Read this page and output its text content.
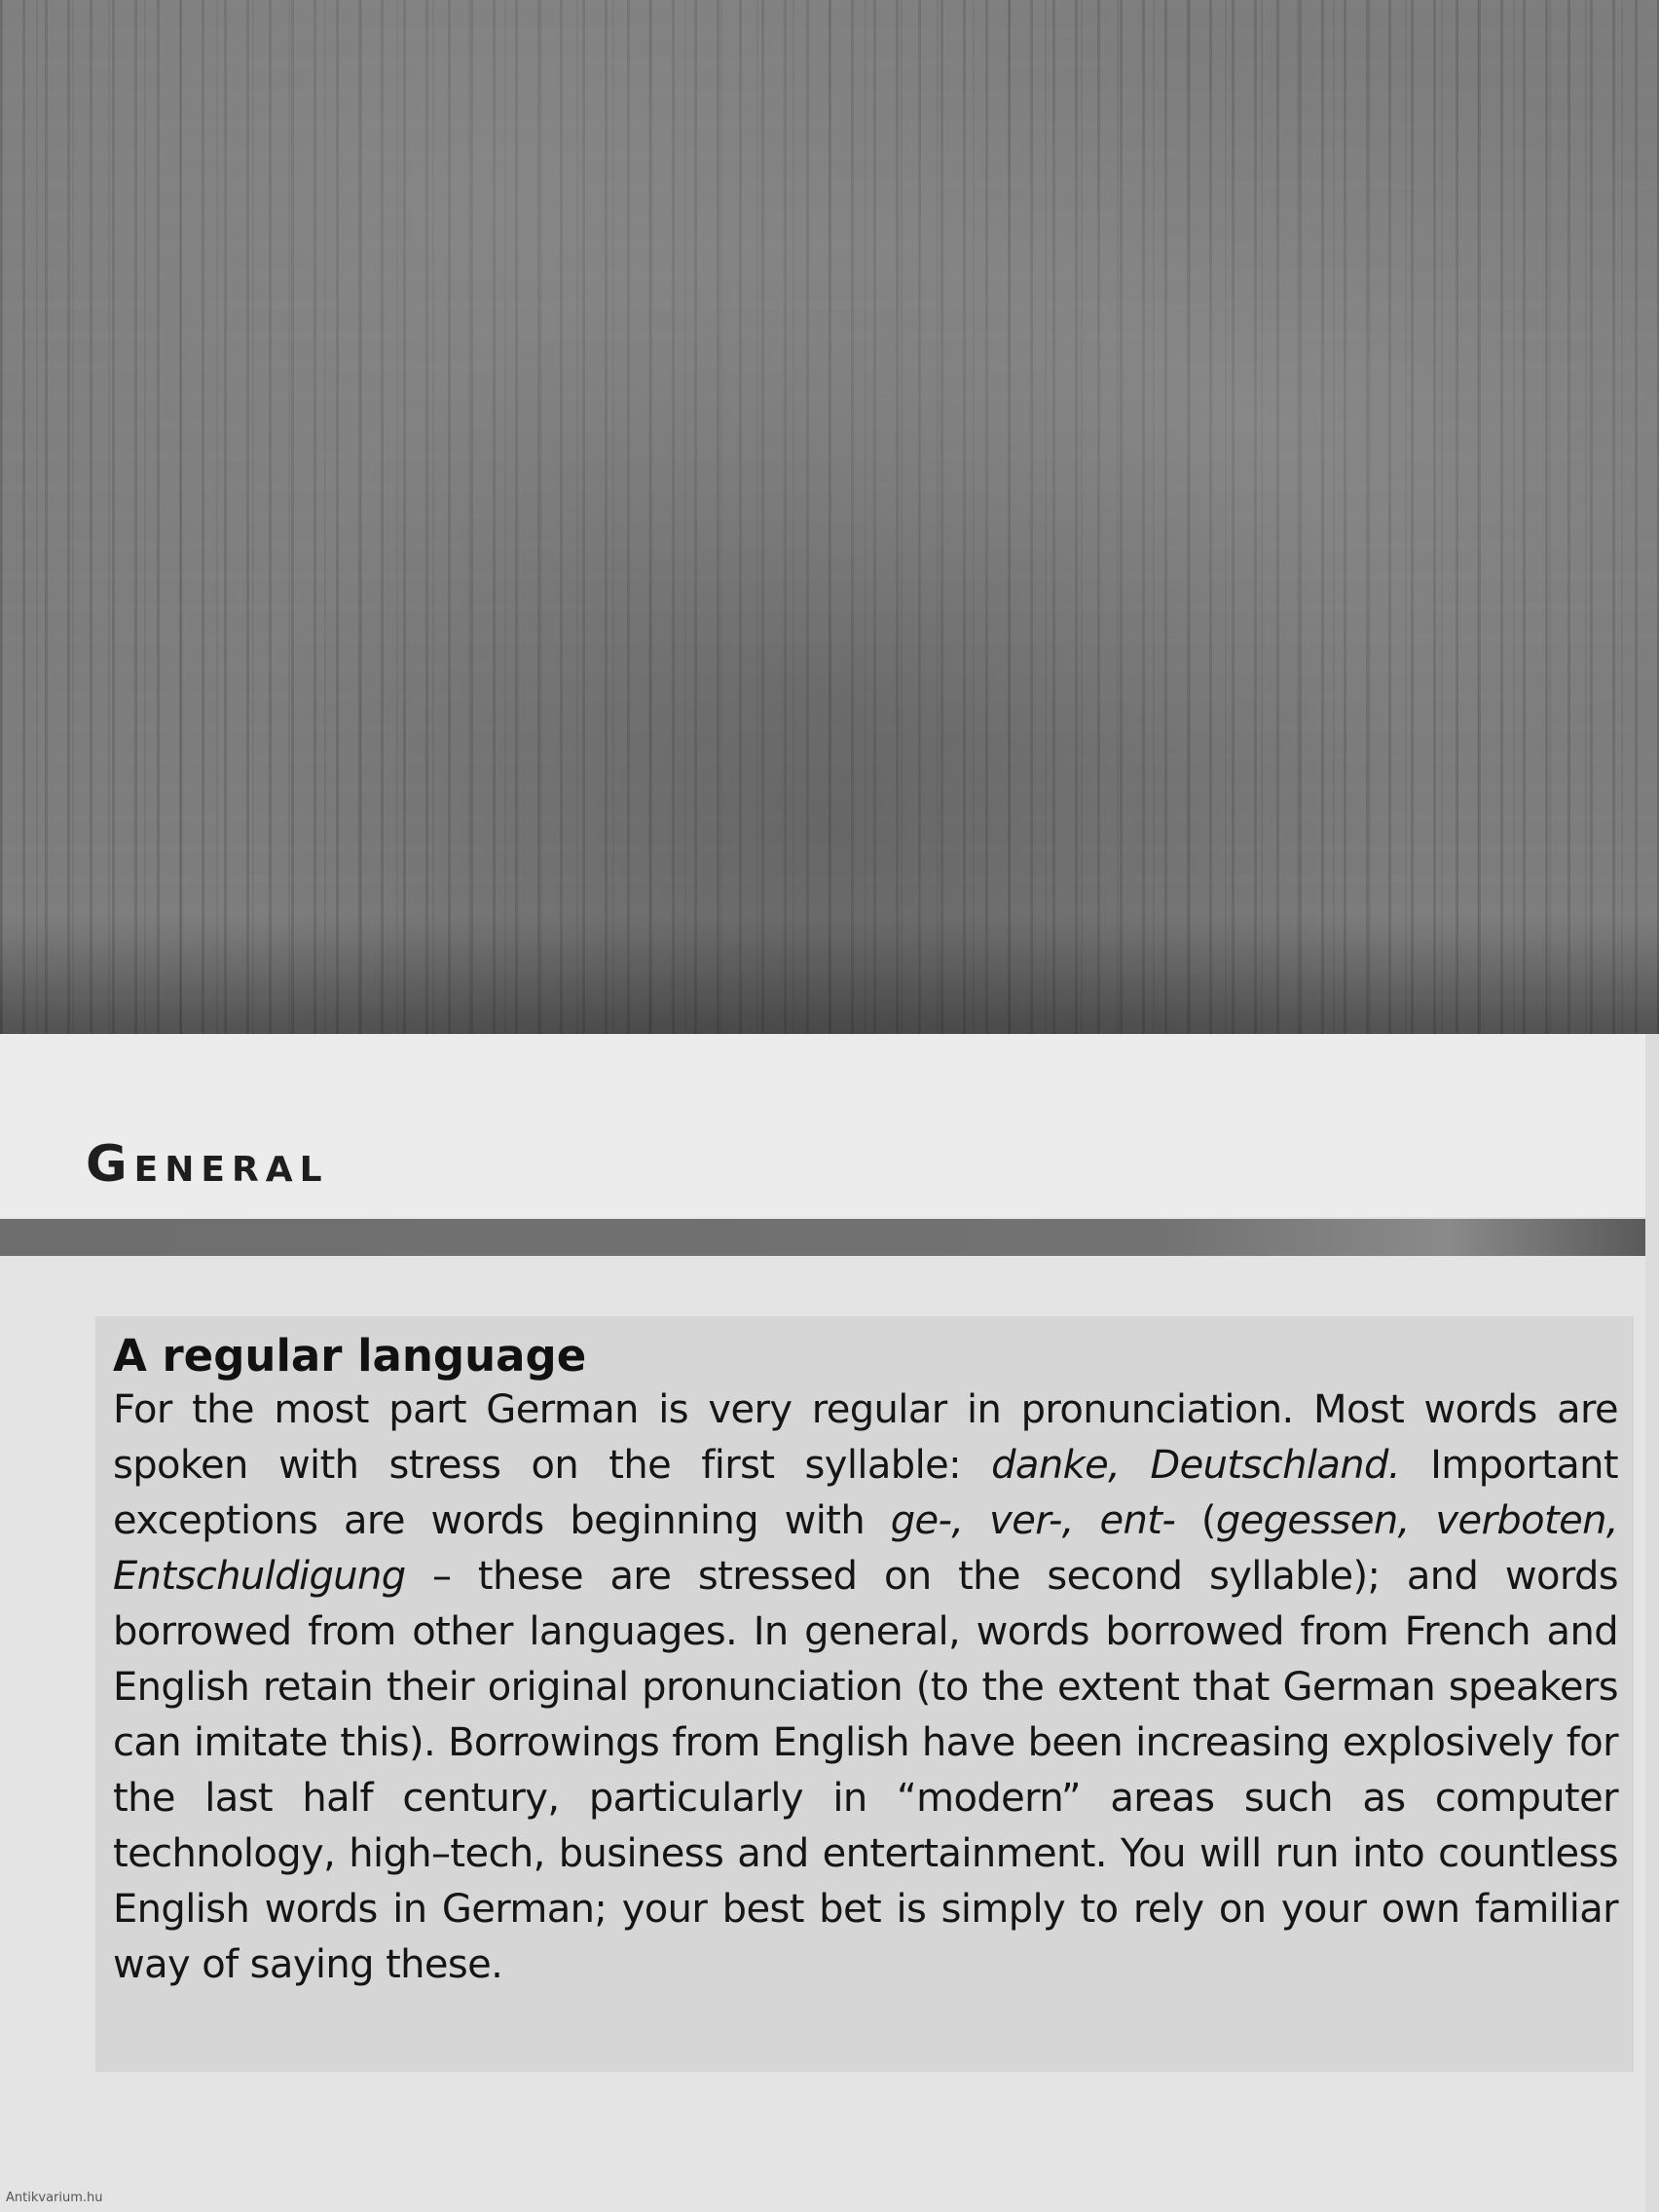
General
A regular language

For the most part German is very regular in pronunciation. Most words are spoken with stress on the first syllable: danke, Deutschland. Important exceptions are words beginning with ge-, ver-, ent- (gegessen, verboten, Entschuldigung – these are stressed on the second syllable); and words borrowed from other languages. In general, words borrowed from French and English retain their original pronunciation (to the extent that German speakers can imitate this). Borrowings from English have been increasing explosively for the last half century, particularly in “modern” areas such as computer technology, high–tech, business and entertainment. You will run into countless English words in German; your best bet is simply to rely on your own familiar way of saying these.

Antikvarium.hu
